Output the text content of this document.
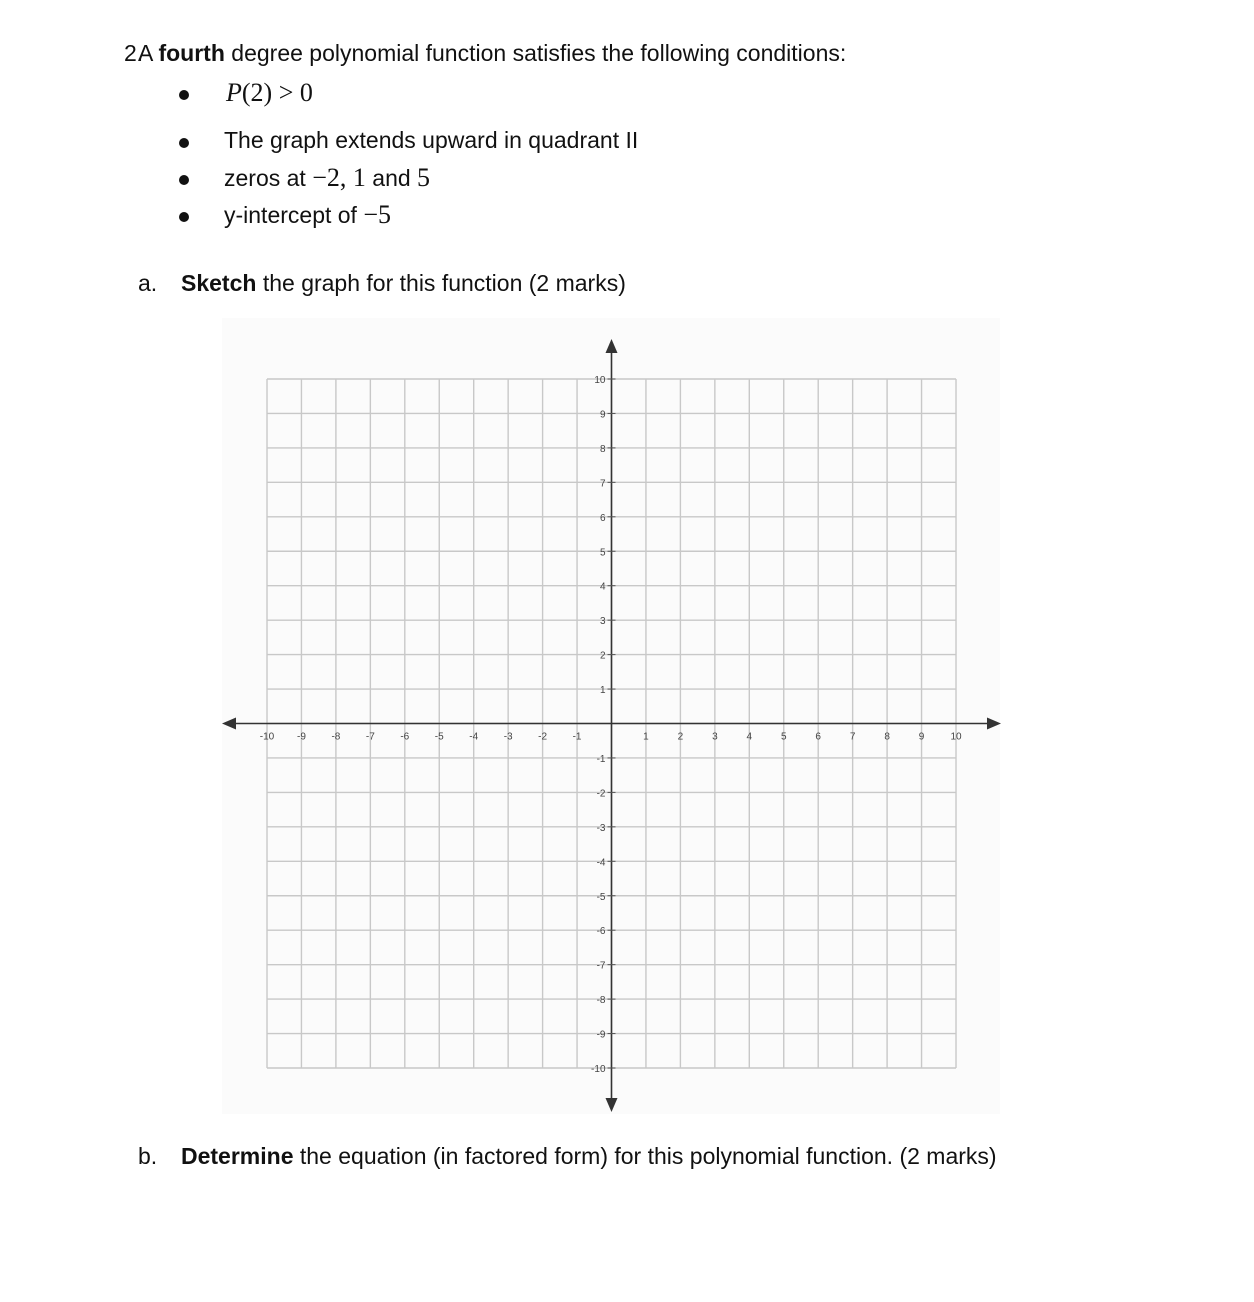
2.
A fourth degree polynomial function satisfies the following conditions:
P(2) > 0
The graph extends upward in quadrant II
zeros at −2, 1 and 5
y-intercept of −5
a. Sketch the graph for this function (2 marks)
-10 -9	-8	-7	-6	-5	-4	-3	-2	-1	1	2	3	4	5	6	7	8	9	10
10
9
8
7
6
5
4
3
2
1
-1
-2
-3
-4
-5
-6
-7
-8
-9
-10
b. Determine the equation (in factored form) for this polynomial function. (2 marks)
